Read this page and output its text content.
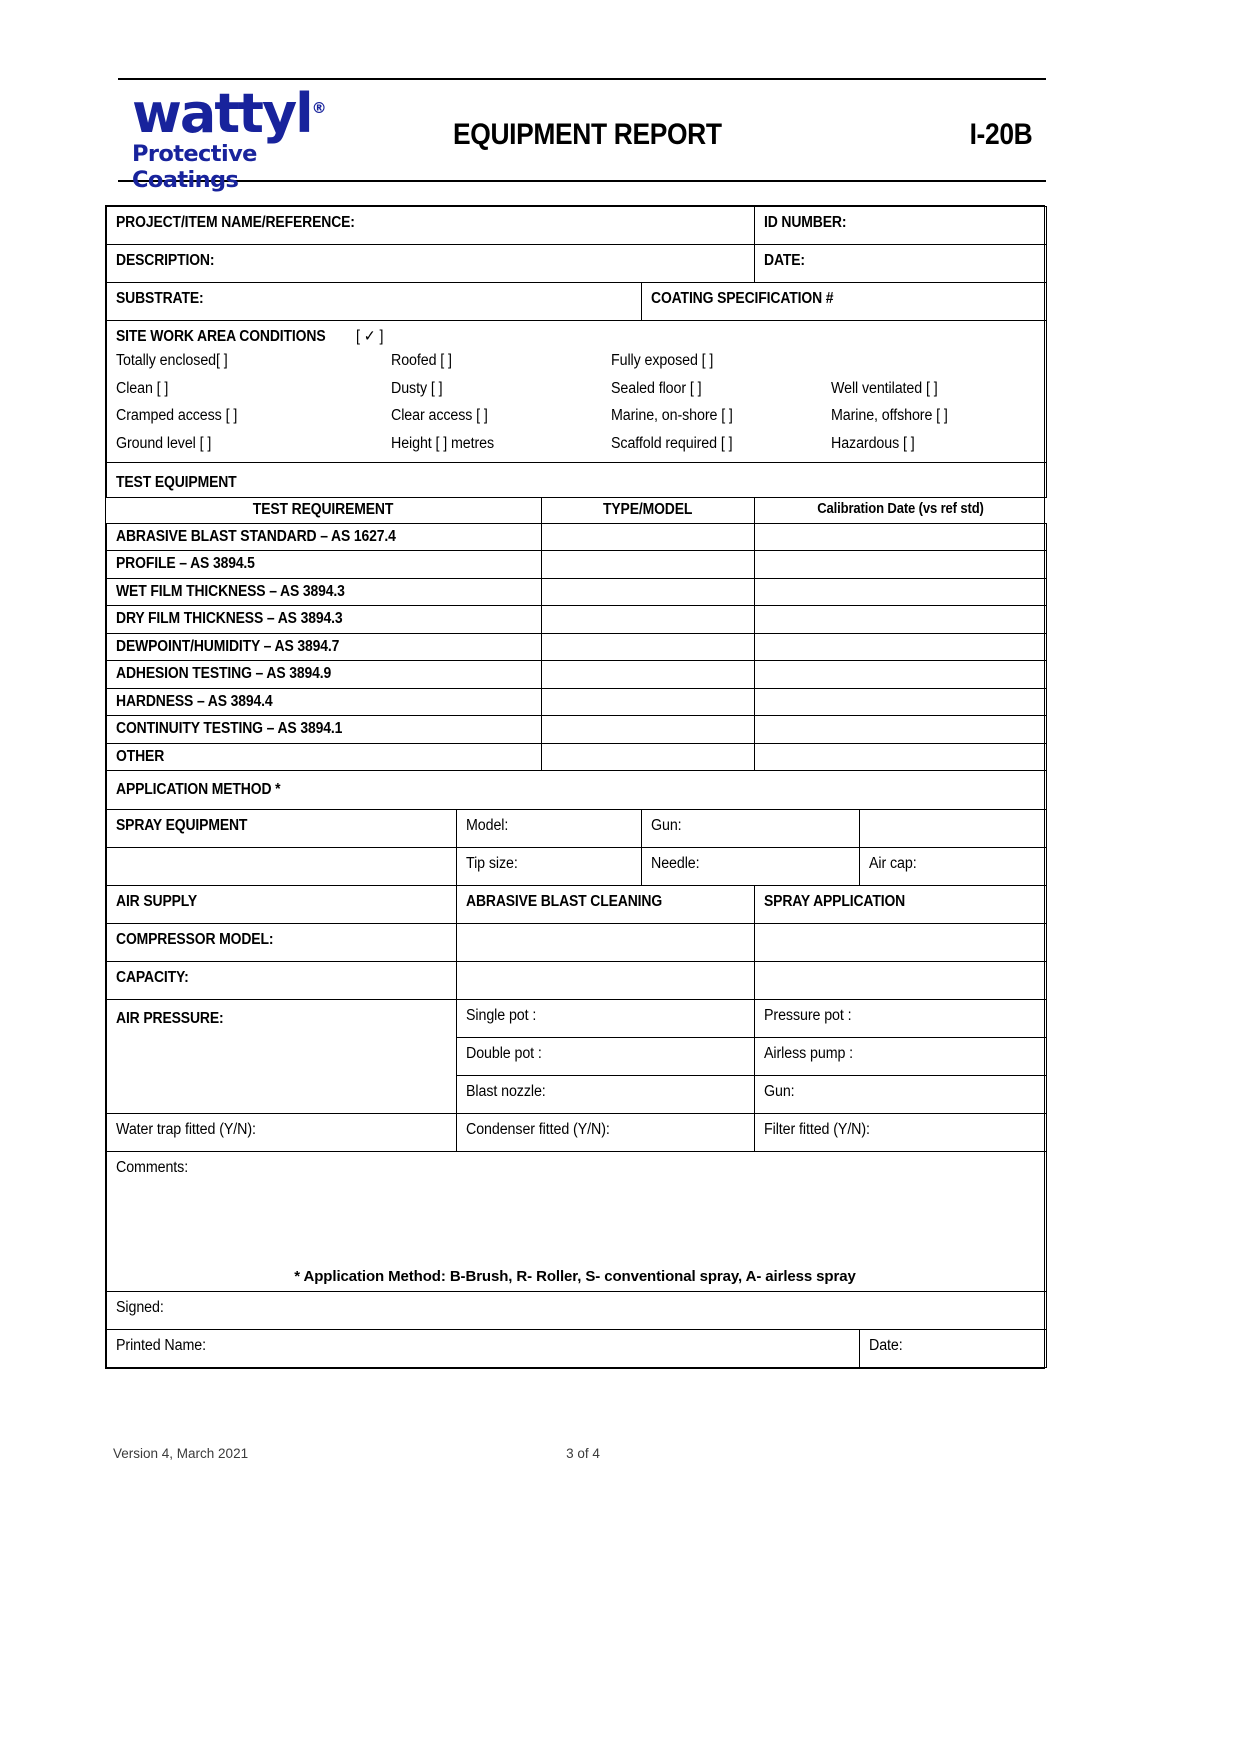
wattyl®
Protective Coatings
EQUIPMENT REPORT	I-20B
PROJECT/ITEM NAME/REFERENCE:				ID NUMBER:	

DESCRIPTION:				DATE:	

SUBSTRATE:			COATING SPECIFICATION #		

SITE WORK AREA CONDITIONS [ ✓ ]
Totally enclosed[ ]	Roofed [ ]	Fully exposed [ ]
Clean [ ]	Dusty [ ]	Sealed floor [ ]	Well ventilated [ ]
Cramped access [ ]	Clear access [ ]	Marine, on-shore [ ]	Marine, offshore [ ]
Ground level [ ]	Height [ ] metres	Scaffold required [ ]	Hazardous [ ]

TEST EQUIPMENT					

TEST REQUIREMENT		TYPE/MODEL		Calibration Date (vs ref std)	

ABRASIVE BLAST STANDARD – AS 1627.4					

PROFILE – AS 3894.5					

WET FILM THICKNESS – AS 3894.3					

DRY FILM THICKNESS – AS 3894.3					

DEWPOINT/HUMIDITY – AS 3894.7					

ADHESION TESTING – AS 3894.9					

HARDNESS – AS 3894.4					

CONTINUITY TESTING – AS 3894.1					

OTHER					

APPLICATION METHOD *					

SPRAY EQUIPMENT	Model:		Gun:		

	Tip size:		Needle:		Air cap:

AIR SUPPLY	ABRASIVE BLAST CLEANING			SPRAY APPLICATION	

COMPRESSOR MODEL:					

CAPACITY:					

AIR PRESSURE:	Single pot :			Pressure pot :	

	Double pot :			Airless pump :	

	Blast nozzle:			Gun:	

Water trap fitted (Y/N):	Condenser fitted (Y/N):			Filter fitted (Y/N):	

Comments:					

Signed:					

Printed Name:					Date:
* Application Method: B-Brush, R- Roller, S- conventional spray, A- airless spray
Version 4, March 2021	3 of 4
